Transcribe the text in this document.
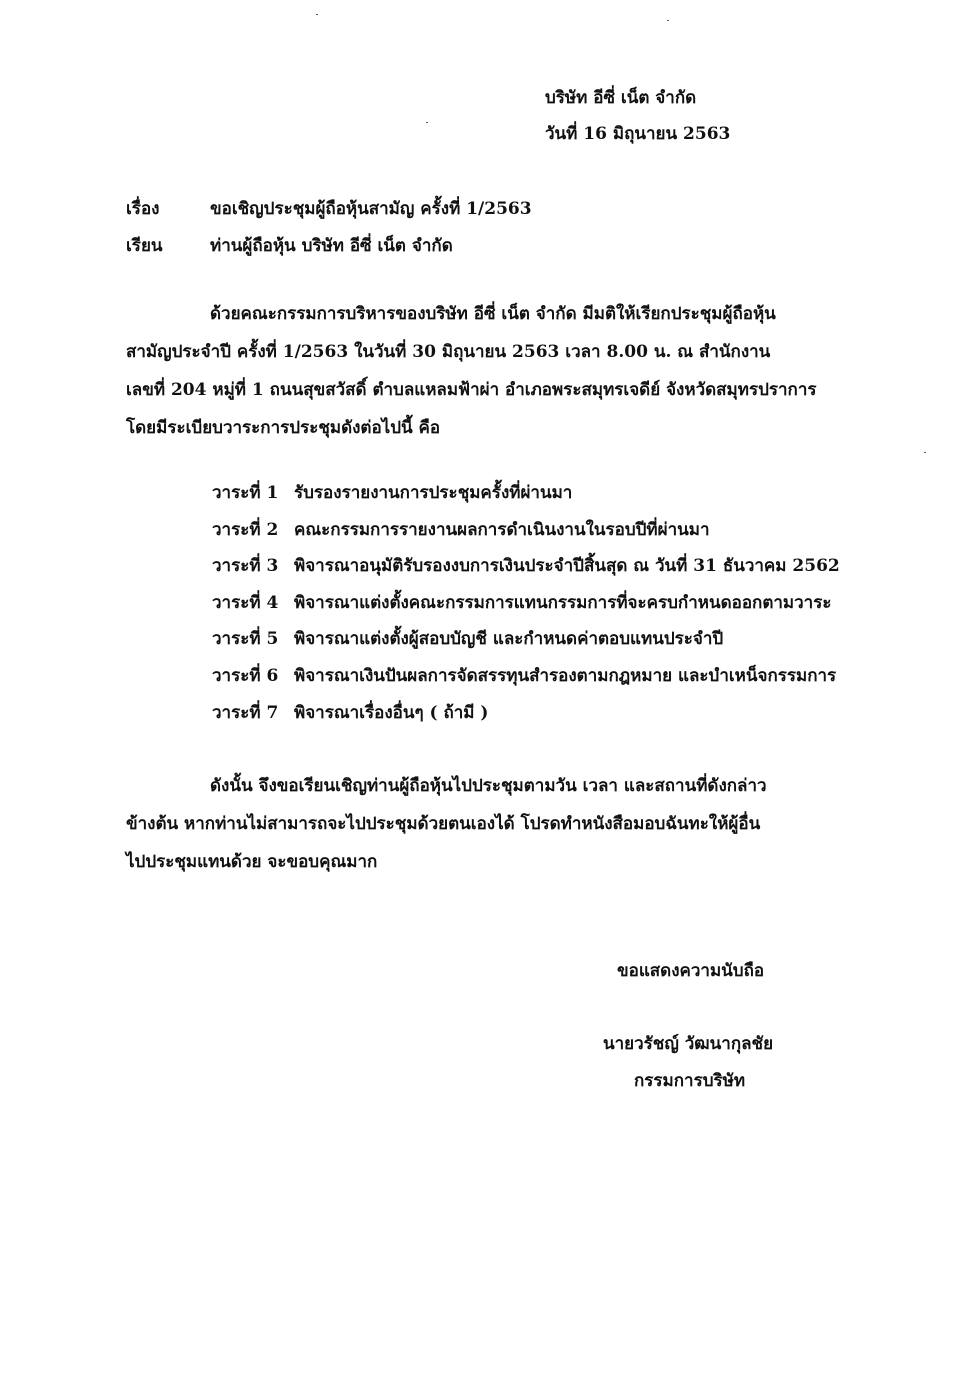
บริษัท อีซี่ เน็ต จำกัด
วันที่ 16 มิถุนายน 2563
เรื่อง	ขอเชิญประชุมผู้ถือหุ้นสามัญ ครั้งที่ 1/2563
เรียน	ท่านผู้ถือหุ้น บริษัท อีซี่ เน็ต จำกัด

ด้วยคณะกรรมการบริหารของบริษัท อีซี่ เน็ต จำกัด มีมติให้เรียกประชุมผู้ถือหุ้น

สามัญประจำปี ครั้งที่ 1/2563 ในวันที่ 30 มิถุนายน 2563 เวลา 8.00 น. ณ สำนักงาน

เลขที่ 204 หมู่ที่ 1 ถนนสุขสวัสดิ์ ตำบลแหลมฟ้าผ่า อำเภอพระสมุทรเจดีย์ จังหวัดสมุทรปราการ

โดยมีระเบียบวาระการประชุมดังต่อไปนี้ คือ

วาระที่ 1 รับรองรายงานการประชุมครั้งที่ผ่านมา
วาระที่ 2 คณะกรรมการรายงานผลการดำเนินงานในรอบปีที่ผ่านมา
วาระที่ 3 พิจารณาอนุมัติรับรองงบการเงินประจำปีสิ้นสุด ณ วันที่ 31 ธันวาคม 2562
วาระที่ 4 พิจารณาแต่งตั้งคณะกรรมการแทนกรรมการที่จะครบกำหนดออกตามวาระ
วาระที่ 5 พิจารณาแต่งตั้งผู้สอบบัญชี และกำหนดค่าตอบแทนประจำปี
วาระที่ 6 พิจารณาเงินปันผลการจัดสรรทุนสำรองตามกฎหมาย และบำเหน็จกรรมการ
วาระที่ 7 พิจารณาเรื่องอื่นๆ ( ถ้ามี )

ดังนั้น จึงขอเรียนเชิญท่านผู้ถือหุ้นไปประชุมตามวัน เวลา และสถานที่ดังกล่าว

ข้างต้น หากท่านไม่สามารถจะไปประชุมด้วยตนเองได้ โปรดทำหนังสือมอบฉันทะให้ผู้อื่น

ไปประชุมแทนด้วย จะขอบคุณมาก

ขอแสดงความนับถือ
นายวรัชญ์ วัฒนากุลชัย
กรรมการบริษัท
